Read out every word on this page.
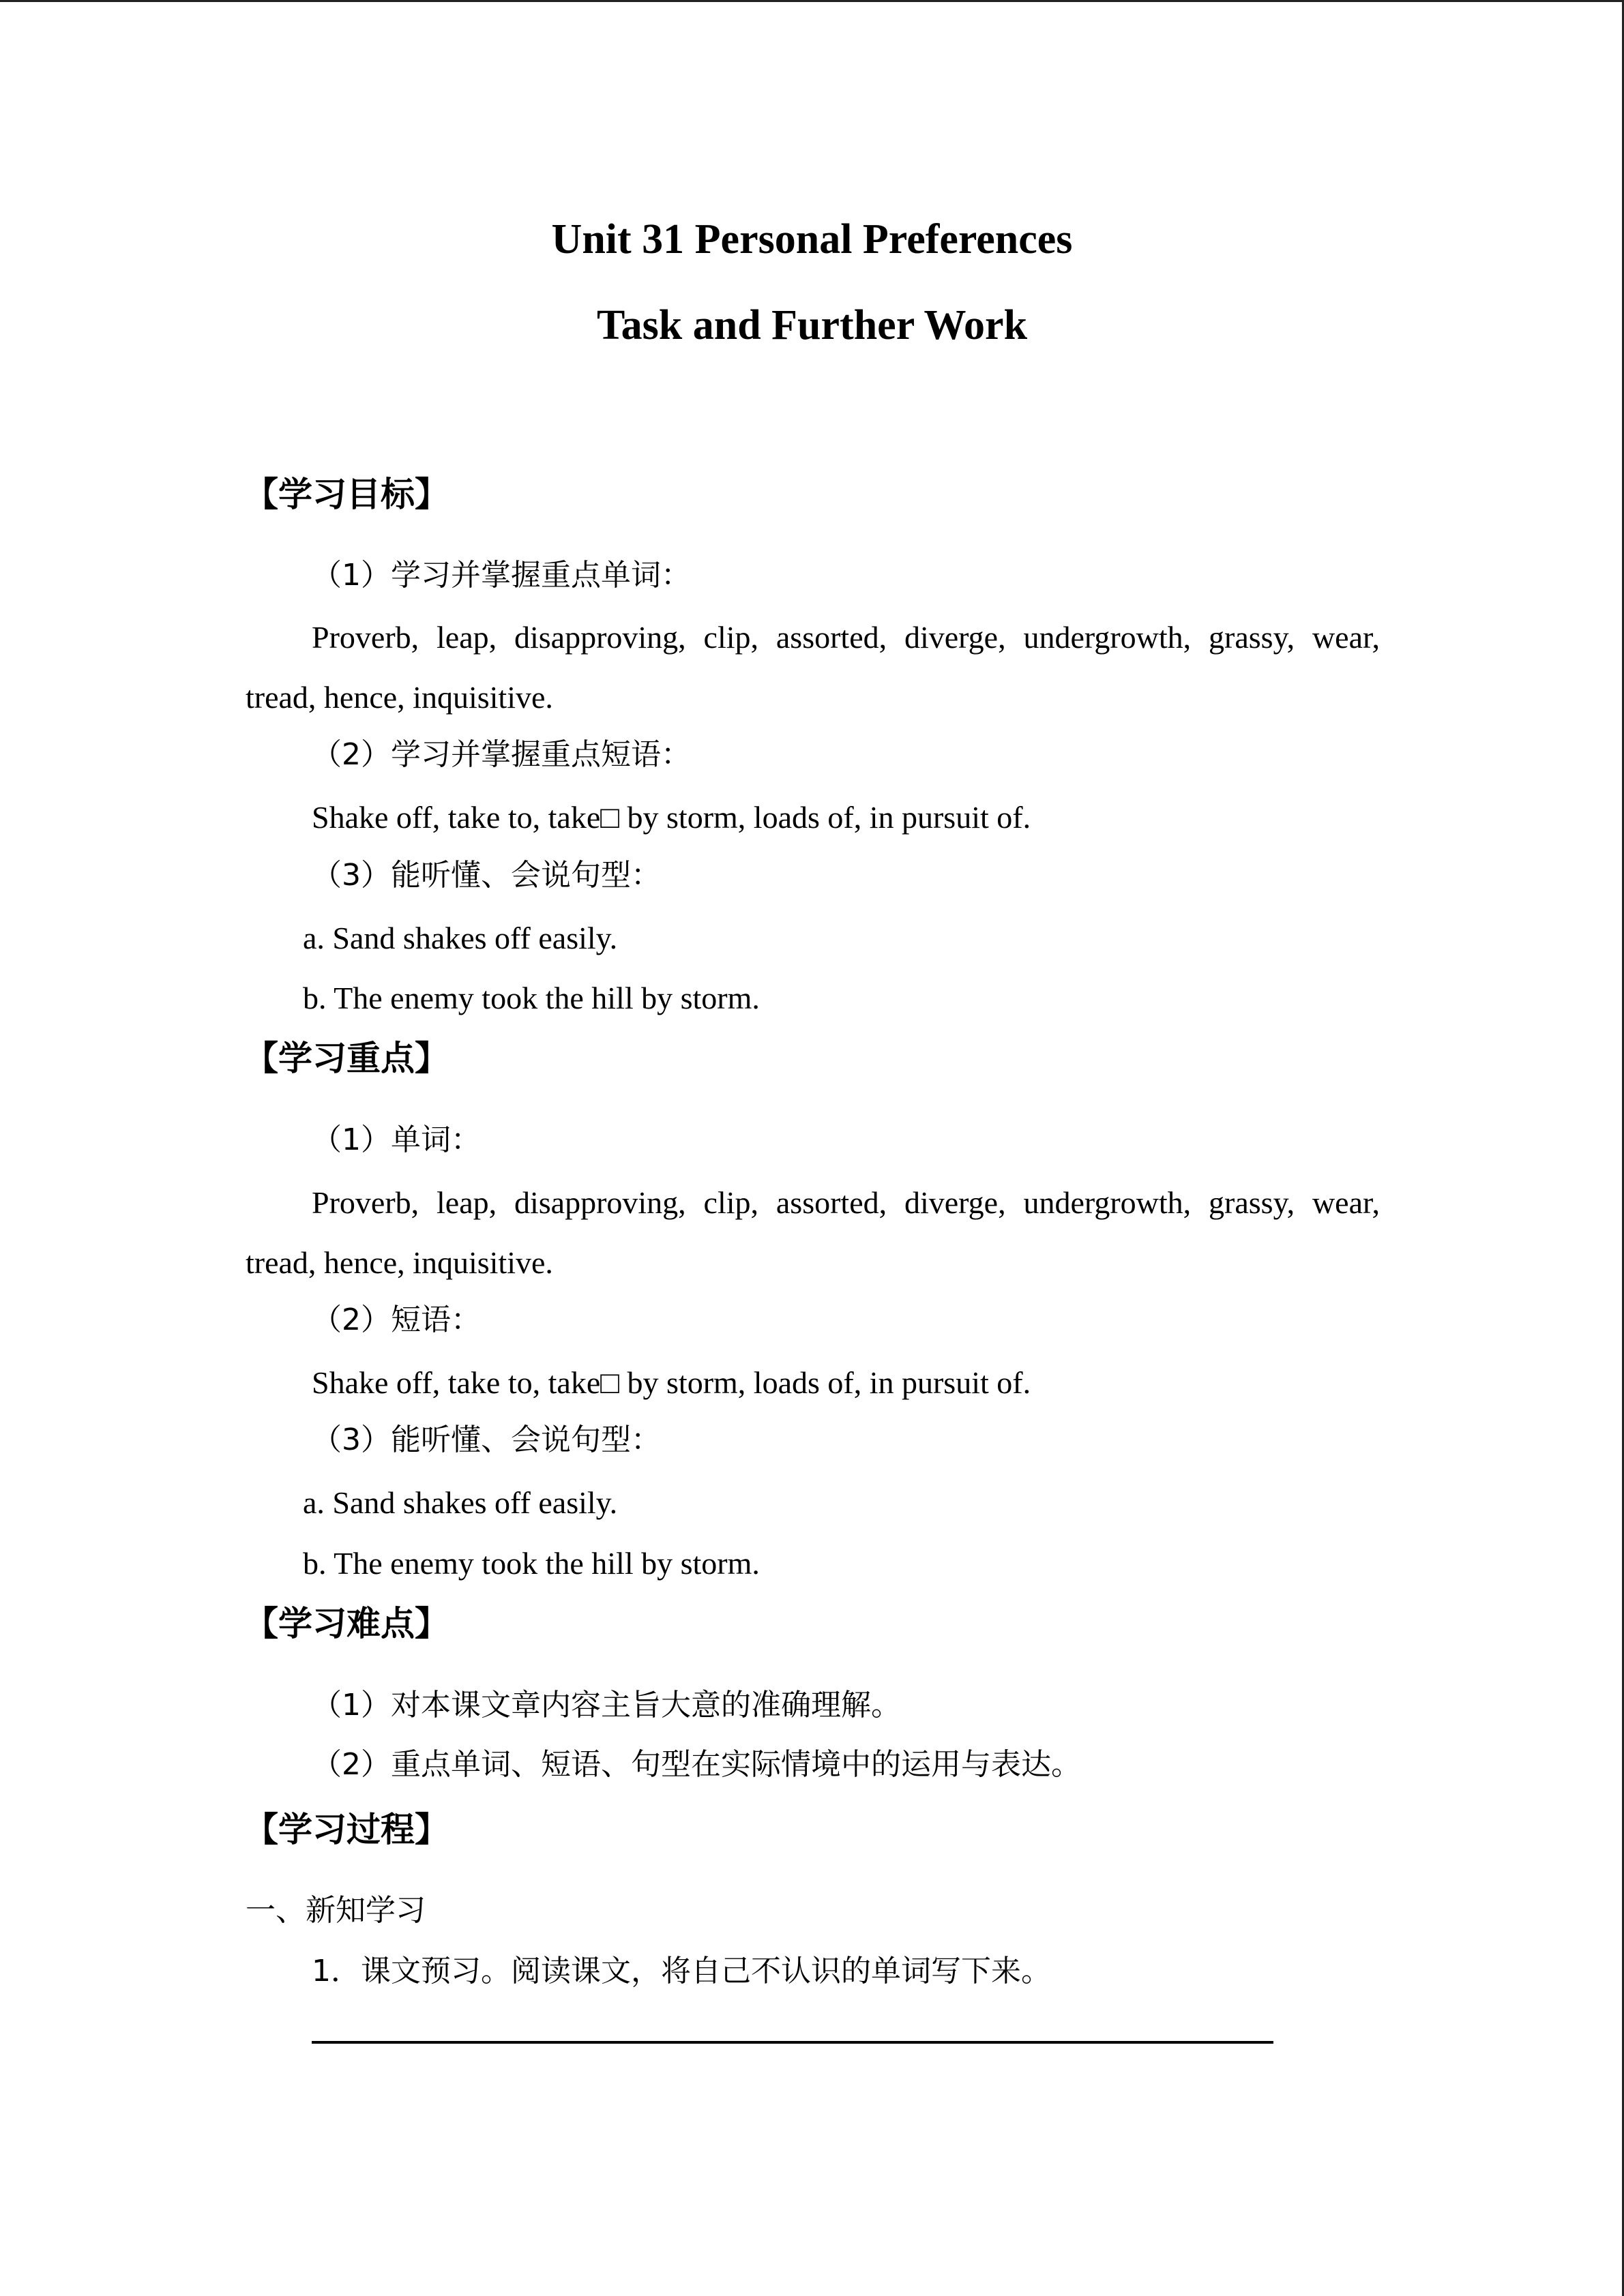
Unit 31 Personal Preferences
Task and Further Work
【学习目标】
（1）学习并掌握重点单词：
Proverb, leap, disapproving, clip, assorted, diverge, undergrowth, grassy, wear,
tread, hence, inquisitive.
（2）学习并掌握重点短语：
Shake off, take to, take□ by storm, loads of, in pursuit of.
（3）能听懂、会说句型：
a. Sand shakes off easily.
b. The enemy took the hill by storm.
【学习重点】
（1）单词：
Proverb, leap, disapproving, clip, assorted, diverge, undergrowth, grassy, wear,
tread, hence, inquisitive.
（2）短语：
Shake off, take to, take□ by storm, loads of, in pursuit of.
（3）能听懂、会说句型：
a. Sand shakes off easily.
b. The enemy took the hill by storm.
【学习难点】
（1）对本课文章内容主旨大意的准确理解。
（2）重点单词、短语、句型在实际情境中的运用与表达。
【学习过程】
一、新知学习
1．课文预习。阅读课文，将自己不认识的单词写下来。
